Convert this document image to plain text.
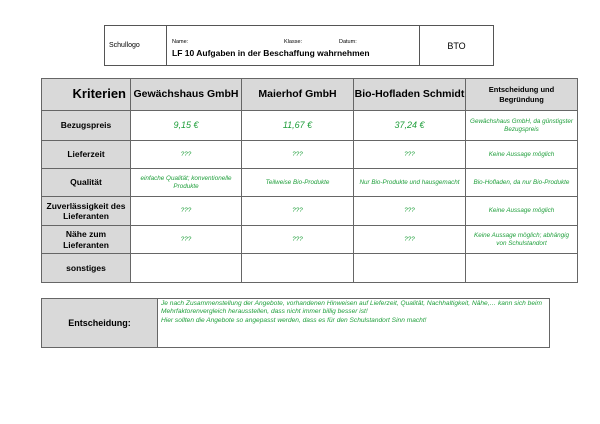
Schullogo	Name:	Klasse:	Datum:
LF 10 Aufgaben in der Beschaffung wahrnehmen
BTO
Kriterien	Gewächshaus GmbH	Maierhof GmbH	Bio-Hofladen Schmidt	Entscheidung und Begründung
Bezugspreis	9,15 €	11,67 €	37,24 €	Gewächshaus GmbH, da günstigster Bezugspreis
Lieferzeit	???	???	???	Keine Aussage möglich
Qualität	einfache Qualität; konventionelle Produkte	Teilweise Bio-Produkte	Nur Bio-Produkte und hausgemacht	Bio-Hofladen, da nur Bio-Produkte
Zuverlässigkeit des Lieferanten	???	???	???	Keine Aussage möglich
Nähe zum Lieferanten	???	???	???	Keine Aussage möglich; abhängig von Schulstandort
sonstiges				
Entscheidung:

Je nach Zusammenstellung der Angebote, vorhandenen Hinweisen auf Lieferzeit, Qualität, Nachhaltigkeit, Nähe,… kann sich beim Mehrfaktorenvergleich herausstellen, dass nicht immer billig besser ist!

Hier sollten die Angebote so angepasst werden, dass es für den Schulstandort Sinn macht!
